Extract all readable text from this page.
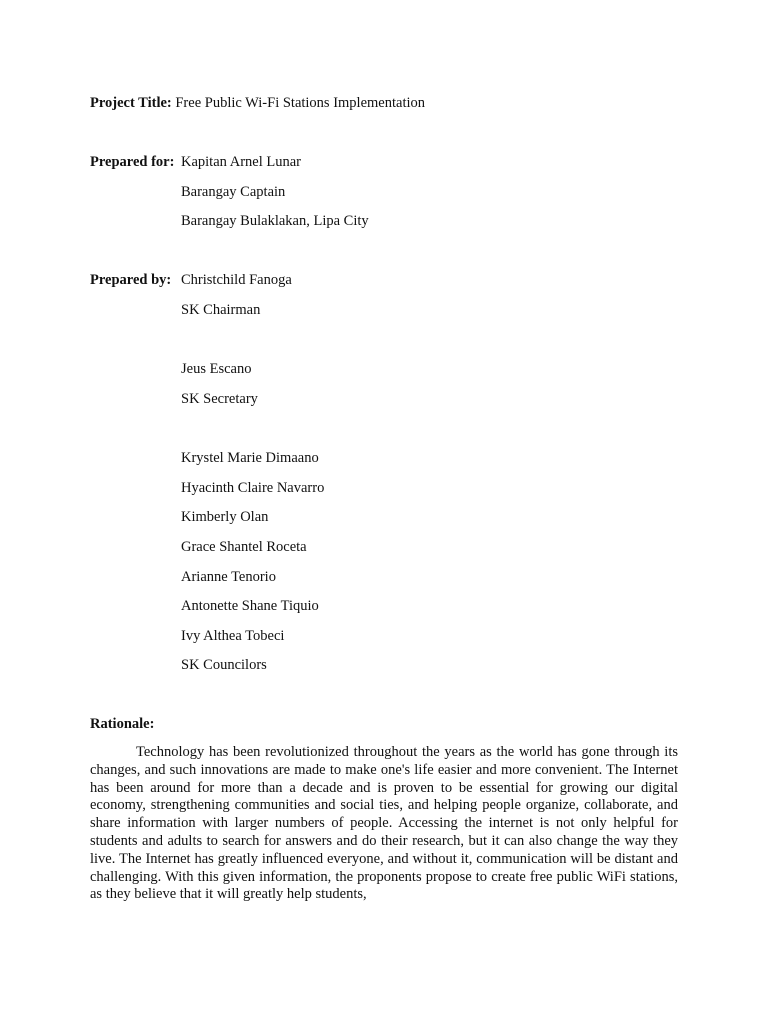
Project Title: Free Public Wi-Fi Stations Implementation
Prepared for: Kapitan Arnel Lunar
Barangay Captain
Barangay Bulaklakan, Lipa City
Prepared by: Christchild Fanoga
SK Chairman
Jeus Escano
SK Secretary
Krystel Marie Dimaano
Hyacinth Claire Navarro
Kimberly Olan
Grace Shantel Roceta
Arianne Tenorio
Antonette Shane Tiquio
Ivy Althea Tobeci
SK Councilors
Rationale:

Technology has been revolutionized throughout the years as the world has gone through its changes, and such innovations are made to make one's life easier and more convenient. The Internet has been around for more than a decade and is proven to be essential for growing our digital economy, strengthening communities and social ties, and helping people organize, collaborate, and share information with larger numbers of people. Accessing the internet is not only helpful for students and adults to search for answers and do their research, but it can also change the way they live. The Internet has greatly influenced everyone, and without it, communication will be distant and challenging. With this given information, the proponents propose to create free public WiFi stations, as they believe that it will greatly help students,
